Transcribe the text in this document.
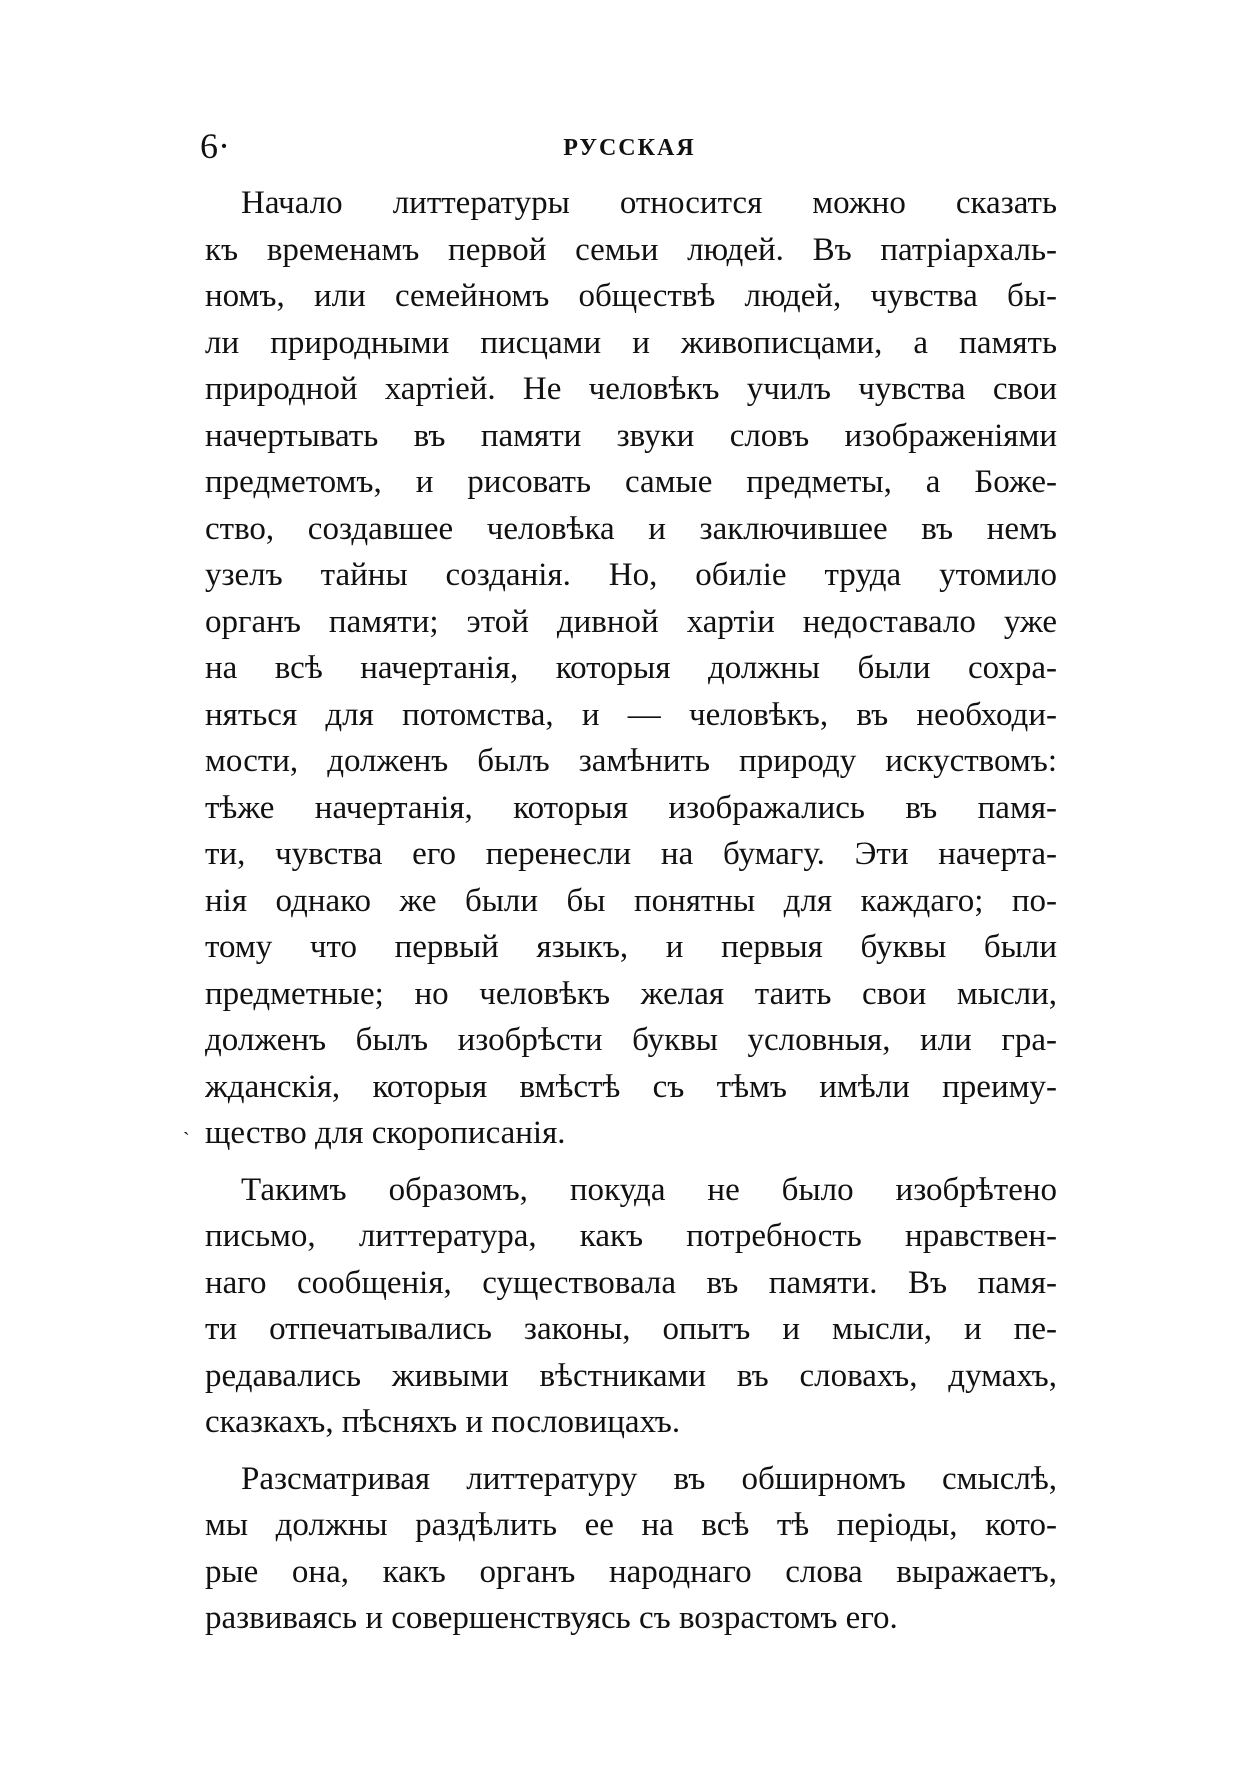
6·	РУССКАЯ
`
Начало литтературы относится можно сказать
къ временамъ первой семьи людей. Въ патрiархаль-
номъ, или семейномъ обществѣ людей, чувства бы-
ли природными писцами и живописцами, а память
природной хартiей. Не человѣкъ училъ чувства свои
начертывать въ памяти звуки словъ изображенiями
предметомъ, и рисовать самые предметы, а Боже-
ство, создавшее человѣка и заключившее въ немъ
узелъ тайны созданiя. Но, обилiе труда утомило
органъ памяти; этой дивной хартiи недоставало уже
на всѣ начертанiя, которыя должны были сохра-
няться для потомства, и — человѣкъ, въ необходи-
мости, долженъ былъ замѣнить природу искуствомъ:
тѣже начертанiя, которыя изображались въ памя-
ти, чувства его перенесли на бумагу. Эти начерта-
нiя однако же были бы понятны для каждаго; по-
тому что первый языкъ, и первыя буквы были
предметные; но человѣкъ желая таить свои мысли,
долженъ былъ изобрѣсти буквы условныя, или гра-
жданскiя, которыя вмѣстѣ съ тѣмъ имѣли преиму-
щество для скорописанiя.
Такимъ образомъ, покуда не было изобрѣтено
письмо, литтература, какъ потребность нравствен-
наго сообщенiя, существовала въ памяти. Въ памя-
ти отпечатывались законы, опытъ и мысли, и пе-
редавались живыми вѣстниками въ словахъ, думахъ,
сказкахъ, пѣсняхъ и пословицахъ.
Разсматривая литтературу въ обширномъ смыслѣ,
мы должны раздѣлить ее на всѣ тѣ перiоды, кото-
рые она, какъ органъ народнаго слова выражаетъ,
развиваясь и совершенствуясь съ возрастомъ его.
